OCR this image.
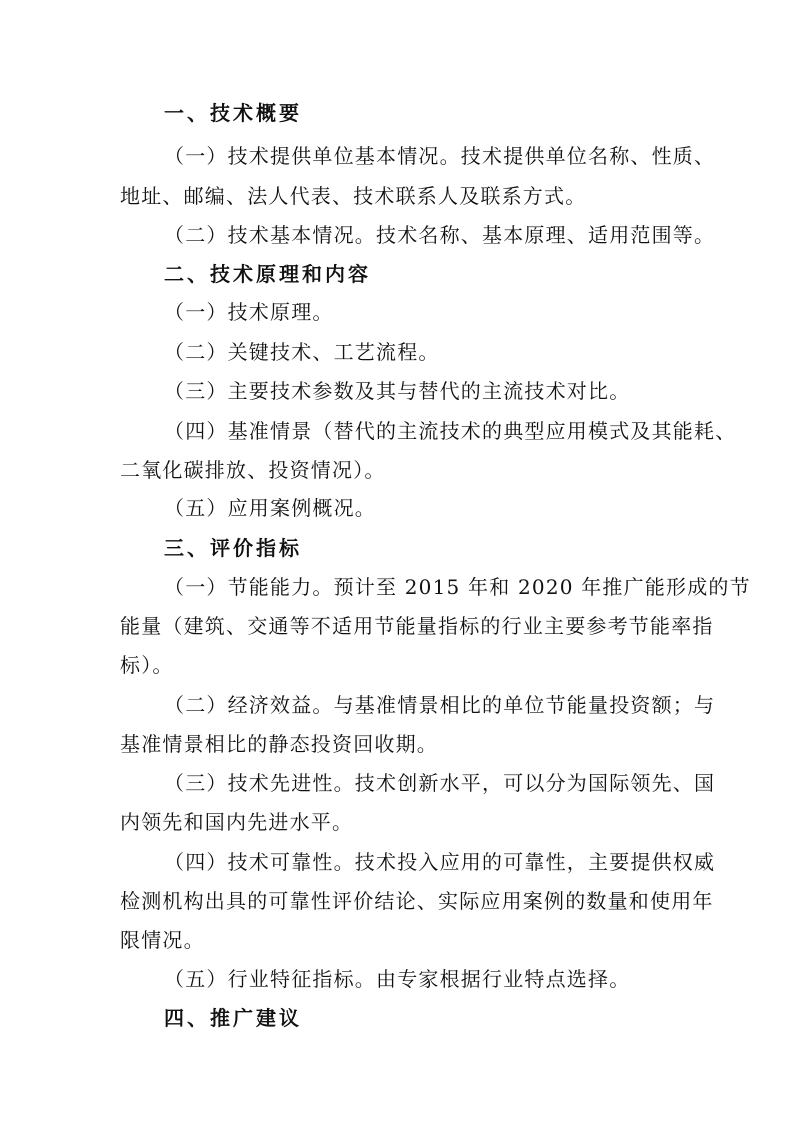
一、技术概要
（一）技术提供单位基本情况。技术提供单位名称、性质、
地址、邮编、法人代表、技术联系人及联系方式。
（二）技术基本情况。技术名称、基本原理、适用范围等。
二、技术原理和内容
（一）技术原理。
（二）关键技术、工艺流程。
（三）主要技术参数及其与替代的主流技术对比。
（四）基准情景（替代的主流技术的典型应用模式及其能耗、
二氧化碳排放、投资情况）。
（五）应用案例概况。
三、评价指标
（一）节能能力。预计至 2015 年和 2020 年推广能形成的节
能量（建筑、交通等不适用节能量指标的行业主要参考节能率指
标）。
（二）经济效益。与基准情景相比的单位节能量投资额；与
基准情景相比的静态投资回收期。
（三）技术先进性。技术创新水平，可以分为国际领先、国
内领先和国内先进水平。
（四）技术可靠性。技术投入应用的可靠性，主要提供权威
检测机构出具的可靠性评价结论、实际应用案例的数量和使用年
限情况。
（五）行业特征指标。由专家根据行业特点选择。
四、推广建议
